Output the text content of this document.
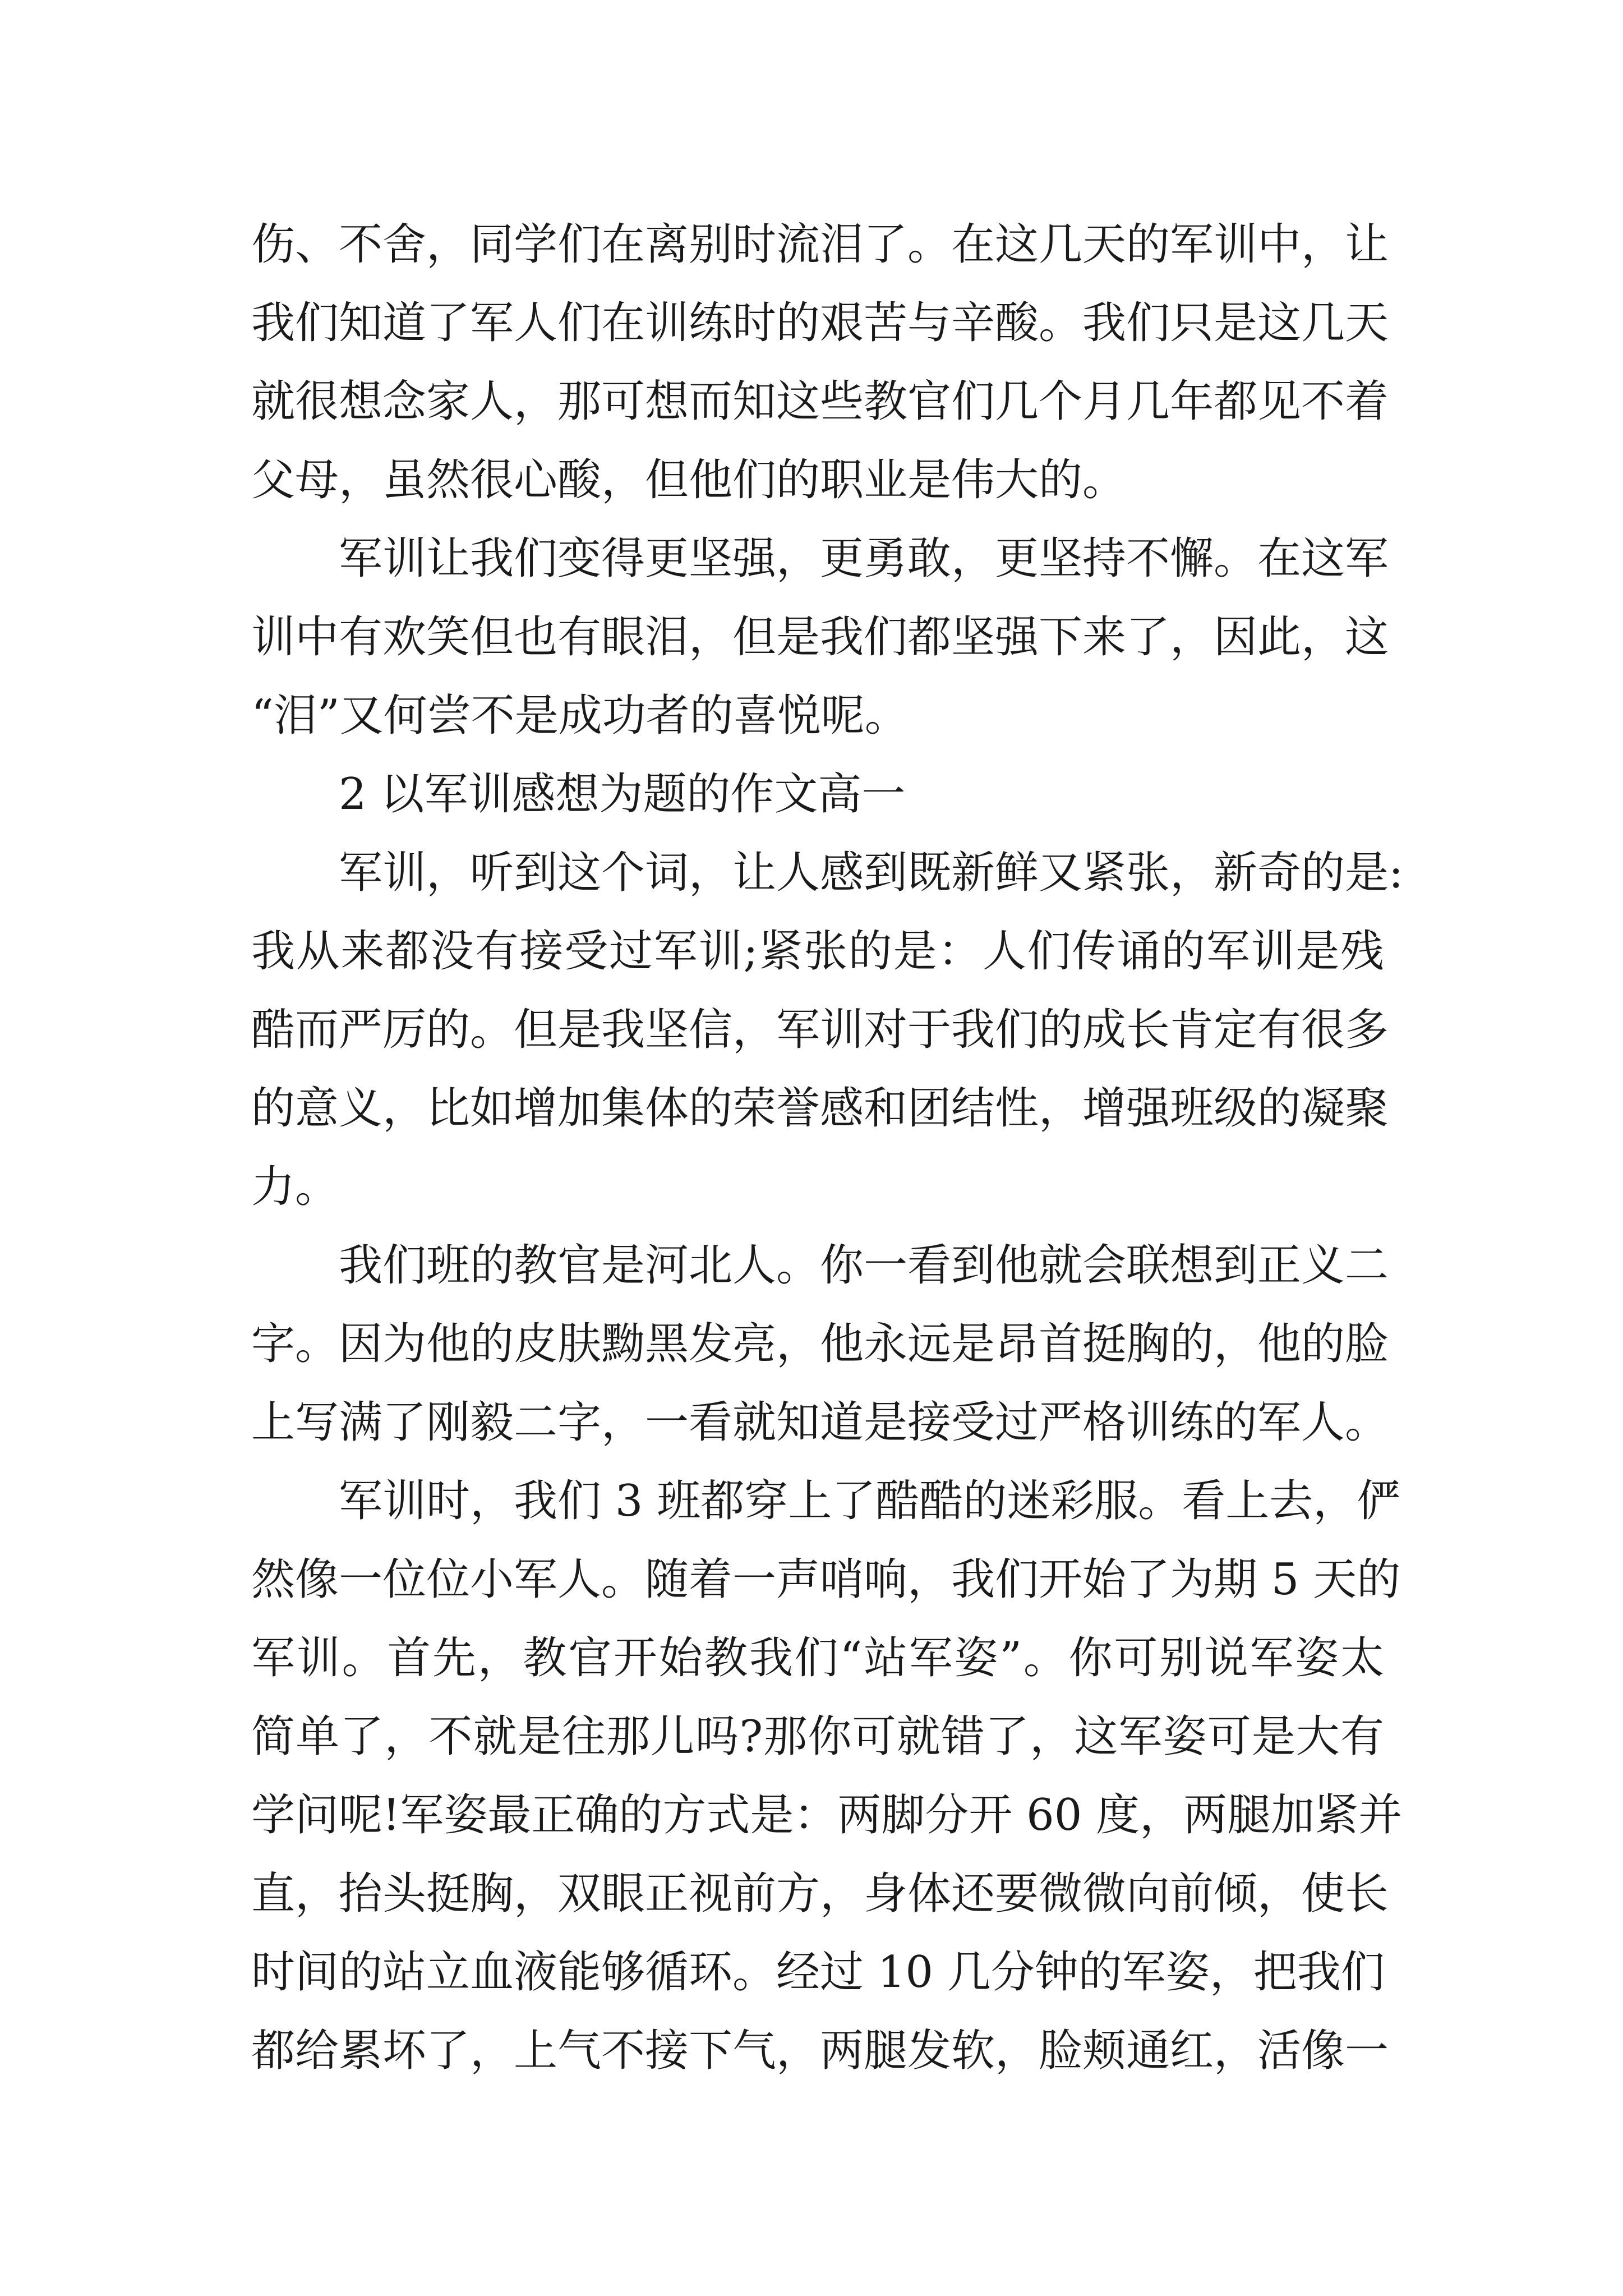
伤、不舍，同学们在离别时流泪了。在这几天的军训中，让
我们知道了军人们在训练时的艰苦与辛酸。我们只是这几天
就很想念家人，那可想而知这些教官们几个月几年都见不着
父母，虽然很心酸，但他们的职业是伟大的。
军训让我们变得更坚强，更勇敢，更坚持不懈。在这军
训中有欢笑但也有眼泪，但是我们都坚强下来了，因此，这
“泪”又何尝不是成功者的喜悦呢。
2 以军训感想为题的作文高一
军训，听到这个词，让人感到既新鲜又紧张，新奇的是:
我从来都没有接受过军训;紧张的是：人们传诵的军训是残
酷而严厉的。但是我坚信，军训对于我们的成长肯定有很多
的意义，比如增加集体的荣誉感和团结性，增强班级的凝聚
力。
我们班的教官是河北人。你一看到他就会联想到正义二
字。因为他的皮肤黝黑发亮，他永远是昂首挺胸的，他的脸
上写满了刚毅二字，一看就知道是接受过严格训练的军人。
军训时，我们 3 班都穿上了酷酷的迷彩服。看上去，俨
然像一位位小军人。随着一声哨响，我们开始了为期 5 天的
军训。首先，教官开始教我们“站军姿”。你可别说军姿太
简单了，不就是往那儿吗?那你可就错了，这军姿可是大有
学问呢!军姿最正确的方式是：两脚分开 60 度，两腿加紧并
直，抬头挺胸，双眼正视前方，身体还要微微向前倾，使长
时间的站立血液能够循环。经过 10 几分钟的军姿，把我们
都给累坏了，上气不接下气，两腿发软，脸颊通红，活像一
